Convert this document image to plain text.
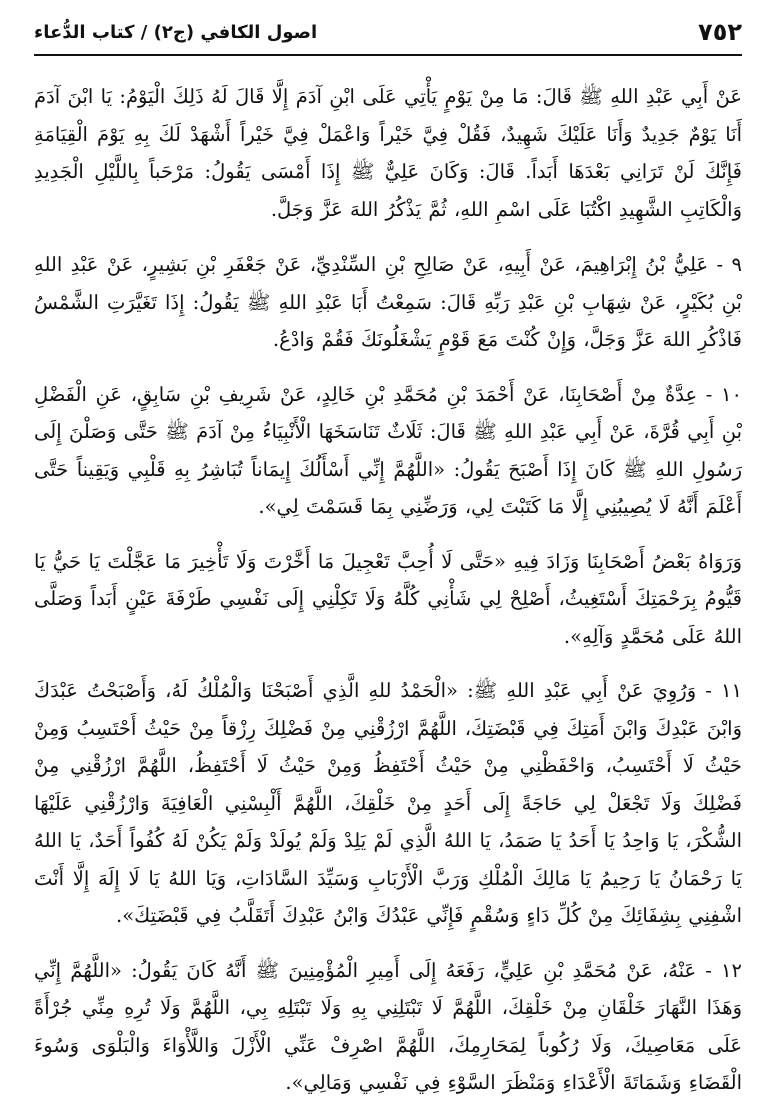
٧٥٢
اصول الكافي (ج٢) / كتاب الدُّعاء

عَنْ أَبِي عَبْدِ اللهِ ﷺ قَالَ: مَا مِنْ يَوْمٍ يَأْتِي عَلَى ابْنِ آدَمَ إِلَّا قَالَ لَهُ ذَلِكَ الْيَوْمُ: يَا ابْنَ آدَمَ أَنَا يَوْمٌ جَدِيدٌ وَأَنَا عَلَيْكَ شَهِيدٌ، فَقُلْ فِيَّ خَيْراً وَاعْمَلْ فِيَّ خَيْراً أَشْهَدْ لَكَ بِهِ يَوْمَ الْقِيَامَةِ فَإِنَّكَ لَنْ تَرَانِي بَعْدَهَا أَبَداً. قَالَ: وَكَانَ عَلِيٌّ ﷺ إِذَا أَمْسَى يَقُولُ: مَرْحَباً بِاللَّيْلِ الْجَدِيدِ وَالْكَاتِبِ الشَّهِيدِ اكْتُبَا عَلَى اسْمِ اللهِ، ثُمَّ يَذْكُرُ اللهَ عَزَّ وَجَلَّ.

٩ - عَلِيُّ بْنُ إِبْرَاهِيمَ، عَنْ أَبِيهِ، عَنْ صَالِحِ بْنِ السِّنْدِيِّ، عَنْ جَعْفَرِ بْنِ بَشِيرٍ، عَنْ عَبْدِ اللهِ بْنِ بُكَيْرٍ، عَنْ شِهَابِ بْنِ عَبْدِ رَبِّهِ قَالَ: سَمِعْتُ أَبَا عَبْدِ اللهِ ﷺ يَقُولُ: إِذَا تَغَيَّرَتِ الشَّمْسُ فَاذْكُرِ اللهَ عَزَّ وَجَلَّ، وَإِنْ كُنْتَ مَعَ قَوْمٍ يَشْغَلُونَكَ فَقُمْ وَادْعُ.

١٠ - عِدَّةٌ مِنْ أَصْحَابِنَا، عَنْ أَحْمَدَ بْنِ مُحَمَّدِ بْنِ خَالِدٍ، عَنْ شَرِيفِ بْنِ سَابِقٍ، عَنِ الْفَضْلِ بْنِ أَبِي قُرَّةَ، عَنْ أَبِي عَبْدِ اللهِ ﷺ قَالَ: ثَلَاثٌ تَنَاسَخَهَا الْأَنْبِيَاءُ مِنْ آدَمَ ﷺ حَتَّى وَصَلْنَ إِلَى رَسُولِ اللهِ ﷺ كَانَ إِذَا أَصْبَحَ يَقُولُ: «اللَّهُمَّ إِنِّي أَسْأَلُكَ إِيمَاناً تُبَاشِرُ بِهِ قَلْبِي وَيَقِيناً حَتَّى أَعْلَمَ أَنَّهُ لَا يُصِيبُنِي إِلَّا مَا كَتَبْتَ لِي، وَرَضِّنِي بِمَا قَسَمْتَ لِي».

وَرَوَاهُ بَعْضُ أَصْحَابِنَا وَزَادَ فِيهِ «حَتَّى لَا أُحِبَّ تَعْجِيلَ مَا أَخَّرْتَ وَلَا تَأْخِيرَ مَا عَجَّلْتَ يَا حَيُّ يَا قَيُّومُ بِرَحْمَتِكَ أَسْتَغِيثُ، أَصْلِحْ لِي شَأْنِي كُلَّهُ وَلَا تَكِلْنِي إِلَى نَفْسِي طَرْفَةَ عَيْنٍ أَبَداً وَصَلَّى اللهُ عَلَى مُحَمَّدٍ وَآلِهِ».

١١ - وَرُوِيَ عَنْ أَبِي عَبْدِ اللهِ ﷺ: «الْحَمْدُ للهِ الَّذِي أَصْبَحْنَا وَالْمُلْكُ لَهُ، وَأَصْبَحْتُ عَبْدَكَ وَابْنَ عَبْدِكَ وَابْنَ أَمَتِكَ فِي قَبْضَتِكَ، اللَّهُمَّ ارْزُقْنِي مِنْ فَضْلِكَ رِزْقاً مِنْ حَيْثُ أَحْتَسِبُ وَمِنْ حَيْثُ لَا أَحْتَسِبُ، وَاحْفَظْنِي مِنْ حَيْثُ أَحْتَفِظُ وَمِنْ حَيْثُ لَا أَحْتَفِظُ، اللَّهُمَّ ارْزُقْنِي مِنْ فَضْلِكَ وَلَا تَجْعَلْ لِي حَاجَةً إِلَى أَحَدٍ مِنْ خَلْقِكَ، اللَّهُمَّ أَلْبِسْنِي الْعَافِيَةَ وَارْزُقْنِي عَلَيْهَا الشُّكْرَ، يَا وَاحِدُ يَا أَحَدُ يَا صَمَدُ، يَا اللهُ الَّذِي لَمْ يَلِدْ وَلَمْ يُولَدْ وَلَمْ يَكُنْ لَهُ كُفُواً أَحَدٌ، يَا اللهُ يَا رَحْمَانُ يَا رَحِيمُ يَا مَالِكَ الْمُلْكِ وَرَبَّ الْأَرْبَابِ وَسَيِّدَ السَّادَاتِ، وَيَا اللهُ يَا لَا إِلَهَ إِلَّا أَنْتَ اشْفِنِي بِشِفَائِكَ مِنْ كُلِّ دَاءٍ وَسُقْمٍ فَإِنِّي عَبْدُكَ وَابْنُ عَبْدِكَ أَتَقَلَّبُ فِي قَبْضَتِكَ».

١٢ - عَنْهُ، عَنْ مُحَمَّدِ بْنِ عَلِيٍّ، رَفَعَهُ إِلَى أَمِيرِ الْمُؤْمِنِينَ ﷺ أَنَّهُ كَانَ يَقُولُ: «اللَّهُمَّ إِنِّي وَهَذَا النَّهَارَ خَلْقَانِ مِنْ خَلْقِكَ، اللَّهُمَّ لَا تَبْتَلِنِي بِهِ وَلَا تَبْتَلِهِ بِي، اللَّهُمَّ وَلَا تُرِهِ مِنِّي جُرْأَةً عَلَى مَعَاصِيكَ، وَلَا رُكُوباً لِمَحَارِمِكَ، اللَّهُمَّ اصْرِفْ عَنِّي الْأَزْلَ وَاللَّأْوَاءَ وَالْبَلْوَى وَسُوءَ الْقَضَاءِ وَشَمَاتَةَ الْأَعْدَاءِ وَمَنْظَرَ السَّوْءِ فِي نَفْسِي وَمَالِي».
